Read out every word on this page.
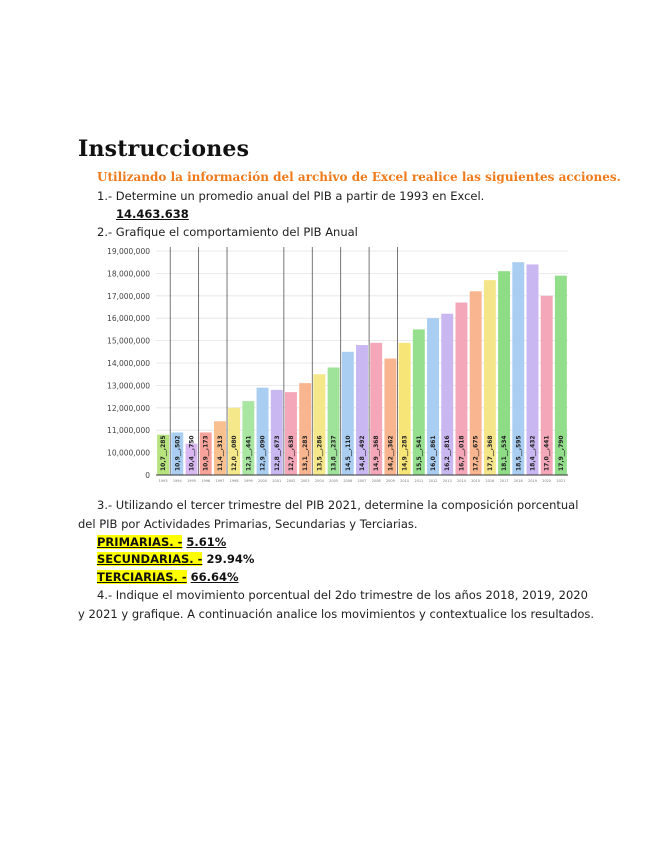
Instrucciones
Utilizando la información del archivo de Excel realice las siguientes acciones.
1.- Determine un promedio anual del PIB a partir de 1993 en Excel.
14.463.638
2.- Grafique el comportamiento del PIB Anual
0
10,000,000
11,000,000
12,000,000
13,000,000
14,000,000
15,000,000
16,000,000
17,000,000
18,000,000
19,000,000
10,7__,285
1993
10,9__,502
1994
10,4__,750
1995
10,9__,173
1996
11,4__,313
1997
12,0__,080
1998
12,3__,441
1999
12,9__,090
2000
12,8__,673
2001
12,7__,638
2002
13,1__,283
2003
13,5__,286
2004
13,8__,237
2005
14,5__,110
2006
14,8__,492
2007
14,9__,368
2008
14,2__,362
2009
14,9__,283
2010
15,5__,541
2011
16,0__,861
2012
16,2__,816
2013
16,7__,018
2014
17,2__,675
2015
17,7__,368
2016
18,1__,534
2017
18,5__,595
2018
18,4__,432
2019
17,0__,441
2020
17,9__,790
2021
3.- Utilizando el tercer trimestre del PIB 2021, determine la composición porcentual
del PIB por Actividades Primarias, Secundarias y Terciarias.
PRIMARIAS. - 5.61%
SECUNDARIAS. - 29.94%
TERCIARIAS. - 66.64%
4.- Indique el movimiento porcentual del 2do trimestre de los años 2018, 2019, 2020
y 2021 y grafique. A continuación analice los movimientos y contextualice los resultados.
